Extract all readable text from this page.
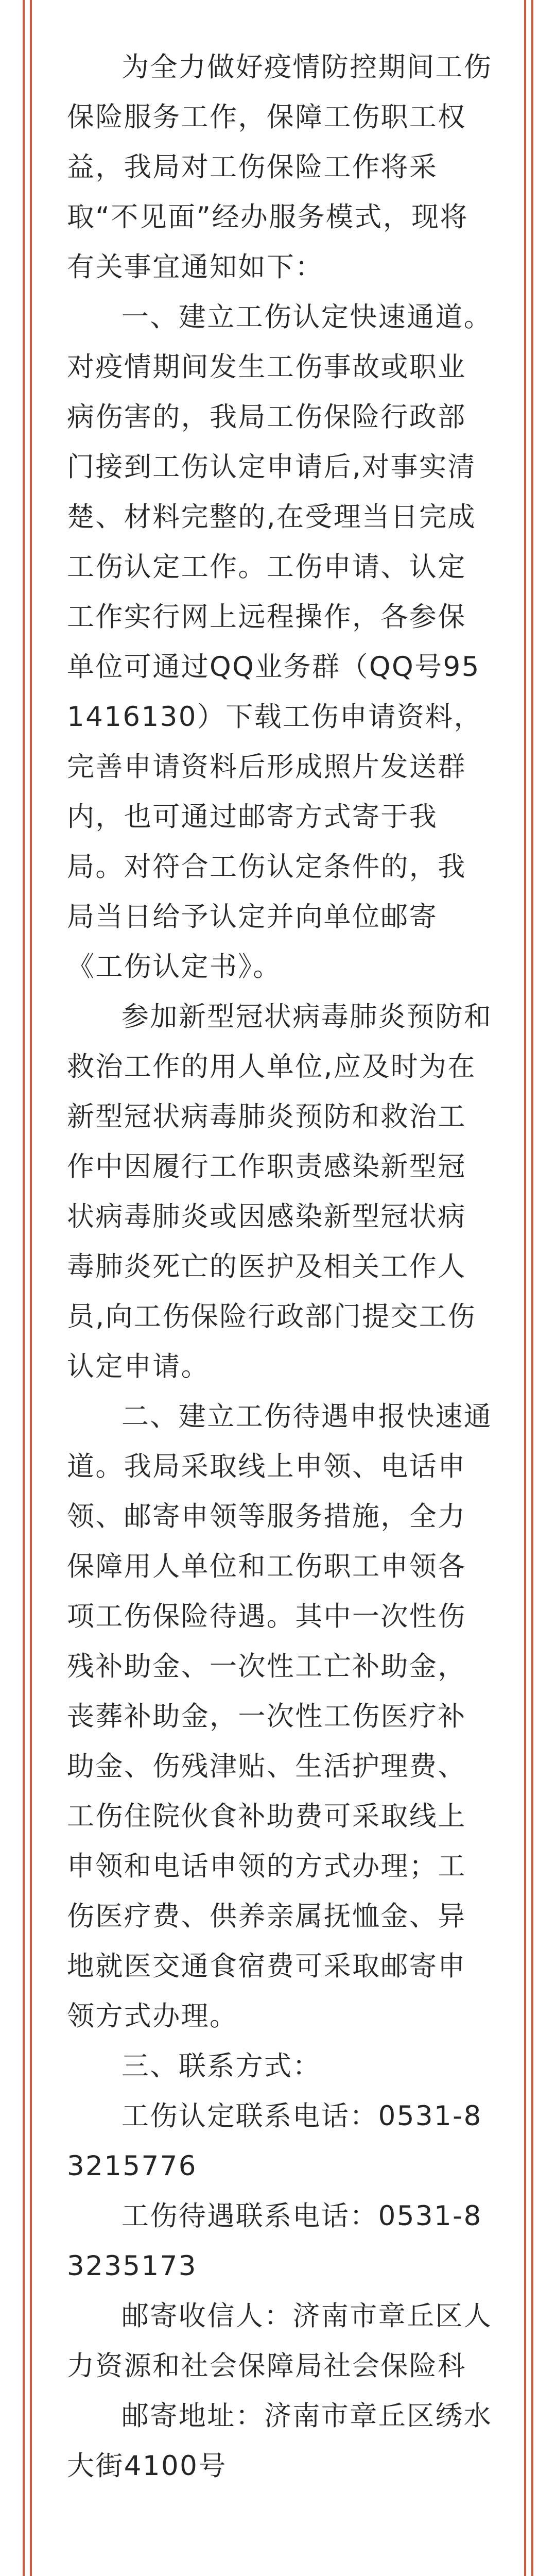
为全力做好疫情防控期间工伤保险服务工作，保障工伤职工权益，我局对工伤保险工作将采取“不见面”经办服务模式，现将有关事宜通知如下：

一、建立工伤认定快速通道。对疫情期间发生工伤事故或职业病伤害的，我局工伤保险行政部门接到工伤认定申请后,对事实清楚、材料完整的,在受理当日完成工伤认定工作。工伤申请、认定工作实行网上远程操作，各参保单位可通过QQ业务群（QQ号951416130）下载工伤申请资料，完善申请资料后形成照片发送群内，也可通过邮寄方式寄于我局。对符合工伤认定条件的，我局当日给予认定并向单位邮寄《工伤认定书》。

参加新型冠状病毒肺炎预防和救治工作的用人单位,应及时为在新型冠状病毒肺炎预防和救治工作中因履行工作职责感染新型冠状病毒肺炎或因感染新型冠状病毒肺炎死亡的医护及相关工作人员,向工伤保险行政部门提交工伤认定申请。

二、建立工伤待遇申报快速通道。我局采取线上申领、电话申领、邮寄申领等服务措施，全力保障用人单位和工伤职工申领各项工伤保险待遇。其中一次性伤残补助金、一次性工亡补助金，丧葬补助金，一次性工伤医疗补助金、伤残津贴、生活护理费、工伤住院伙食补助费可采取线上申领和电话申领的方式办理；工伤医疗费、供养亲属抚恤金、异地就医交通食宿费可采取邮寄申领方式办理。

三、联系方式：

工伤认定联系电话：0531-83215776

工伤待遇联系电话：0531-83235173

邮寄收信人：济南市章丘区人力资源和社会保障局社会保险科

邮寄地址：济南市章丘区绣水大街4100号
